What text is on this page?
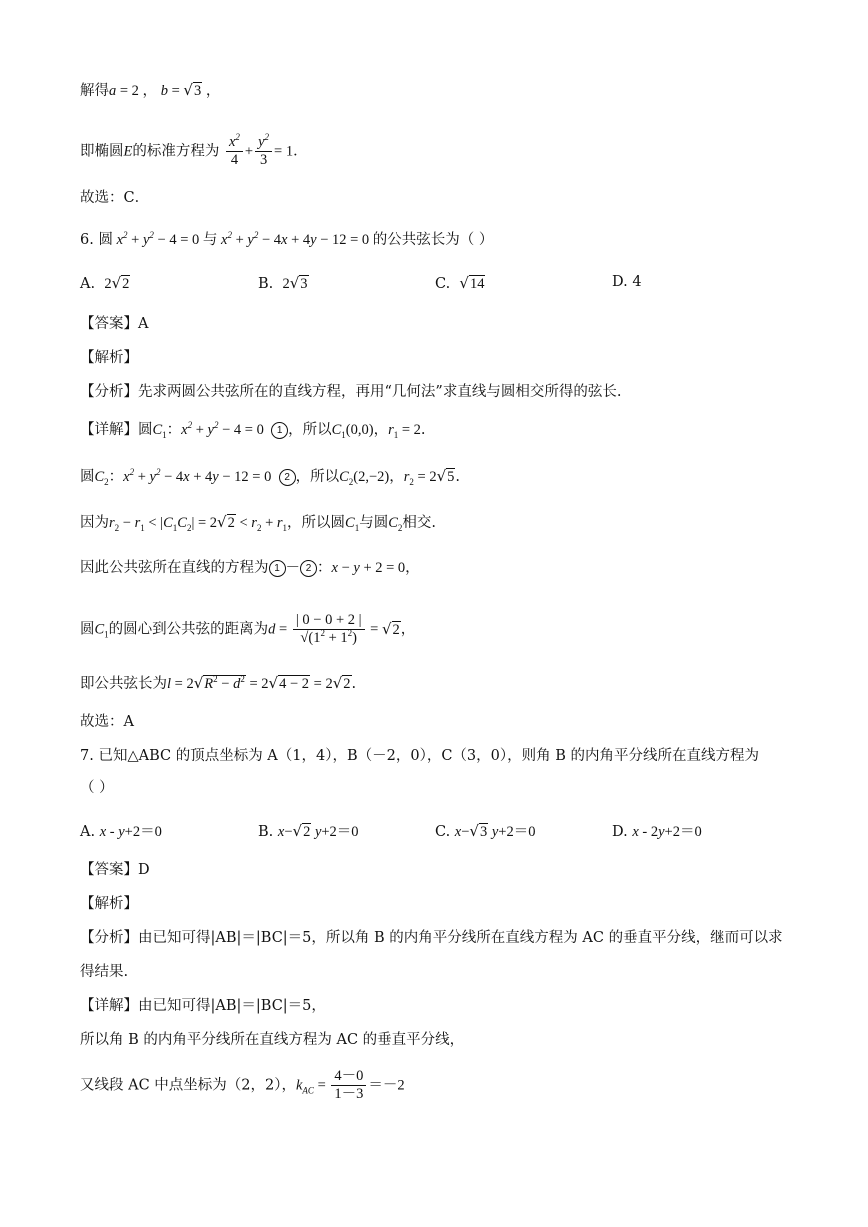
解得a = 2 ， b = √3 ，
即椭圆E的标准方程为 $\frac{x^2}{4} + \frac{y^2}{3} = 1$．
故选：C．
6. 圆 $x^2 + y^2 - 4 = 0$ 与 $x^2 + y^2 - 4x + 4y - 12 = 0$ 的公共弦长为（ ）
A. 2√2	B. 2√3	C. √14	D. 4
【答案】A
【解析】
【分析】先求两圆公共弦所在的直线方程，再用“几何法”求直线与圆相交所得的弦长.
【详解】圆$C_1$：$x^2 + y^2 - 4 = 0$  1 ，所以$C_1(0,0)$，$r_1 = 2$.
圆$C_2$：$x^2 + y^2 - 4x + 4y - 12 = 0$  2 ，所以$C_2(2,-2)$，$r_2 = 2√5$.
因为$r_2 - r_1 < |C_1C_2| = 2√2 < r_2 + r_1$，所以圆$C_1$与圆$C_2$相交.
因此公共弦所在直线的方程为 1 － 2 ：x − y + 2 = 0，
圆$C_1$的圆心到公共弦的距离为$d = \frac{| 0 - 0 + 2 |}{√(1^2 + 1^2)} = √2$，
即公共弦长为$l = 2√R^2 - d^2 = 2√4 - 2 = 2√2$.
故选：A
7. 已知△ABC 的顶点坐标为 A（1，4），B（－2，0），C（3，0），则角 B 的内角平分线所在直线方程为
（ ）
A. x - y+2＝0	B. x−√2 y+2＝0	C. x−√3 y+2＝0	D. x - 2y+2＝0
【答案】D
【解析】
【分析】由已知可得|AB|＝|BC|＝5，所以角 B 的内角平分线所在直线方程为 AC 的垂直平分线，继而可以求
得结果.
【详解】由已知可得|AB|＝|BC|＝5，
所以角 B 的内角平分线所在直线方程为 AC 的垂直平分线，
又线段 AC 中点坐标为（2，2），$k_{AC} = \frac{4-0}{1-3} =-2$
